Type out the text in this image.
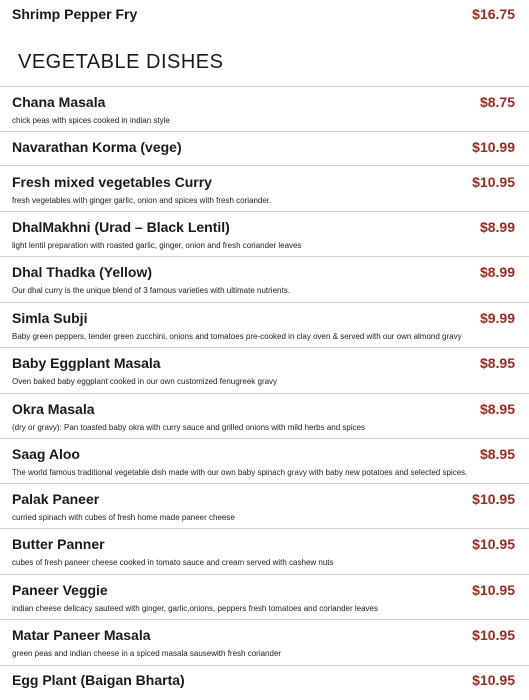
Shrimp Pepper Fry	$16.75
VEGETABLE DISHES
Chana Masala	$8.75
chick peas with spices cooked in indian style
Navarathan Korma (vege)	$10.99
Fresh mixed vegetables Curry	$10.95
fresh vegetables with ginger garlic, onion and spices with fresh coriander.
DhalMakhni (Urad – Black Lentil)	$8.99
light lentil preparation with roasted garlic, ginger, onion and fresh coriander leaves
Dhal Thadka (Yellow)	$8.99
Our dhal curry is the unique blend of 3 famous varieties with ultimate nutrients.
Simla Subji	$9.99
Baby green peppers, tender green zucchini, onions and tomatoes pre-cooked in clay oven & served with our own almond gravy
Baby Eggplant Masala	$8.95
Oven baked baby eggplant cooked in our own customized fenugreek gravy
Okra Masala	$8.95
(dry or gravy): Pan toasted baby okra with curry sauce and grilled onions with mild herbs and spices
Saag Aloo	$8.95
The world famous traditional vegetable dish made with our own baby spinach gravy with baby new potatoes and selected spices.
Palak Paneer	$10.95
curried spinach with cubes of fresh home made paneer cheese
Butter Panner	$10.95
cubes of fresh paneer cheese cooked in tomato sauce and cream served with cashew nuts
Paneer Veggie	$10.95
indian cheese delicacy sauteed with ginger, garlic,onions, peppers fresh tomatoes and coriander leaves
Matar Paneer Masala	$10.95
green peas and indian cheese in a spiced masala sausewith fresh coriander
Egg Plant (Baigan Bharta)	$10.95
